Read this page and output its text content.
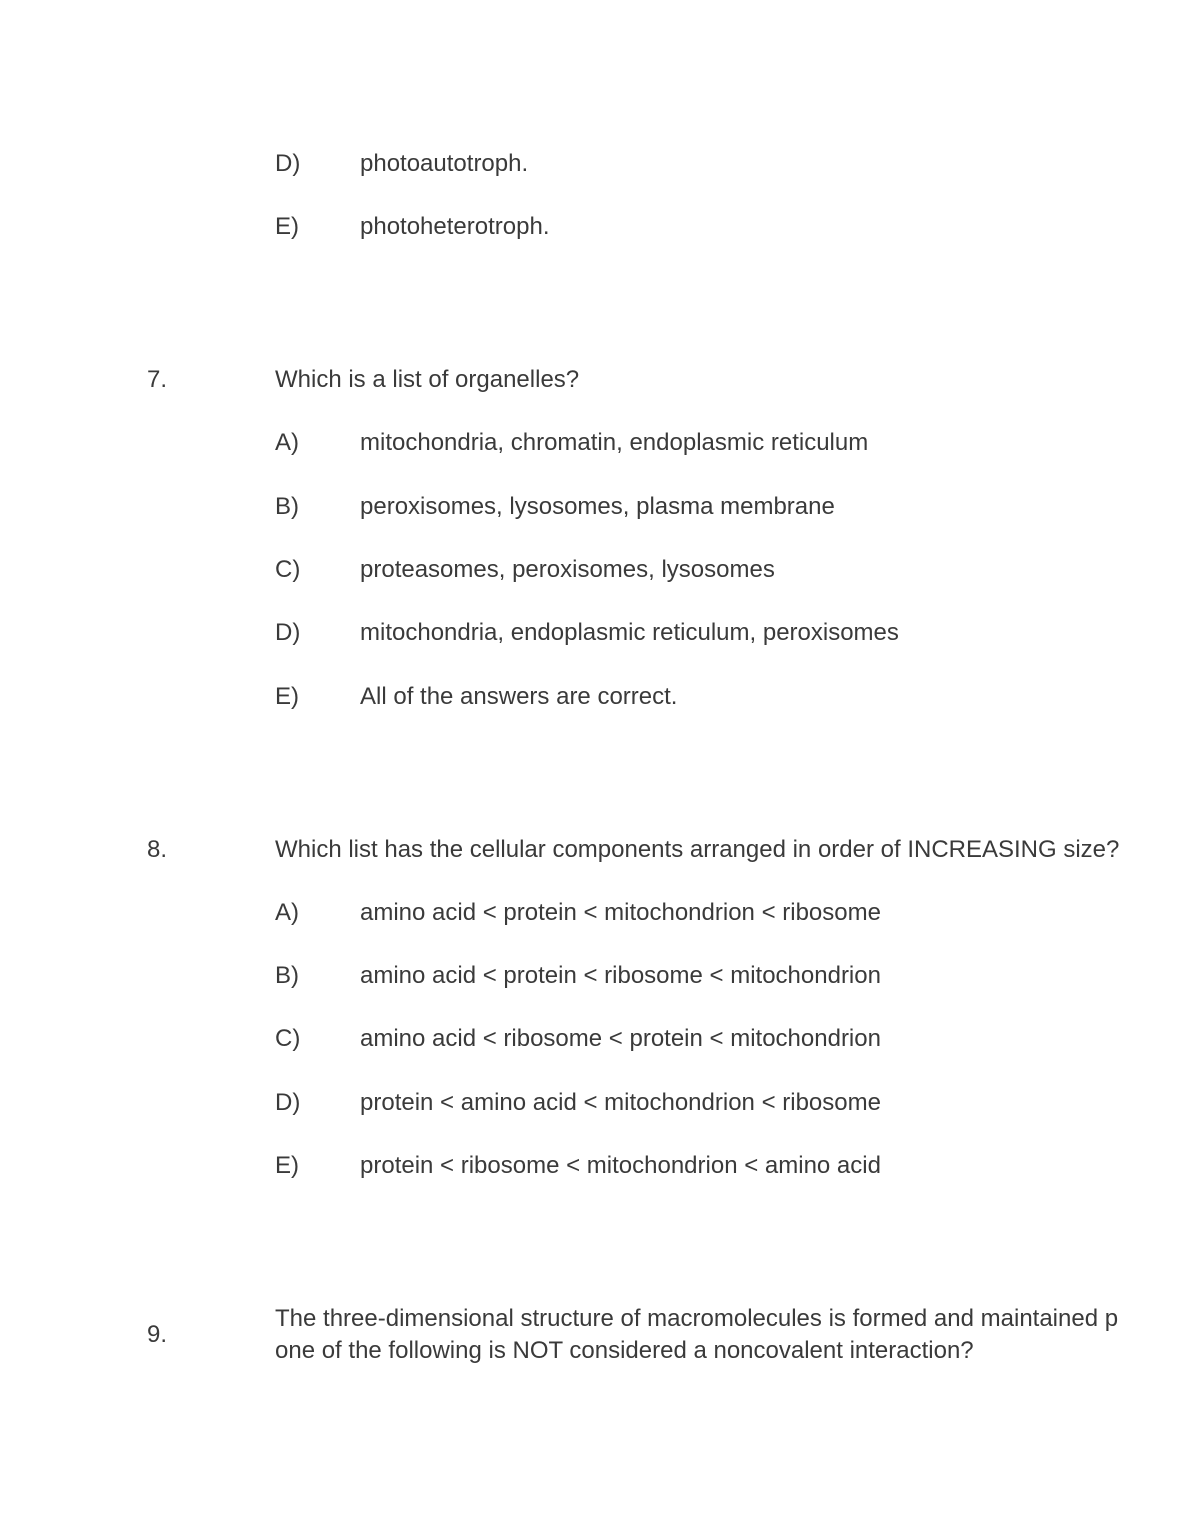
D) photoautotroph.
E)	photoheterotroph.
7.	Which is a list of organelles?
A)	mitochondria, chromatin, endoplasmic reticulum
B)	peroxisomes, lysosomes, plasma membrane
C) proteasomes, peroxisomes, lysosomes
D) mitochondria, endoplasmic reticulum, peroxisomes
E)	All of the answers are correct.
8.	Which list has the cellular components arranged in order of INCREASING size?
A)	amino acid < protein < mitochondrion < ribosome
B)	amino acid < protein < ribosome < mitochondrion
C) amino acid < ribosome < protein < mitochondrion
D) protein < amino acid < mitochondrion < ribosome
E)	protein < ribosome < mitochondrion < amino acid
9.
The three-dimensional structure of macromolecules is formed and maintained p
one of the following is NOT considered a noncovalent interaction?
